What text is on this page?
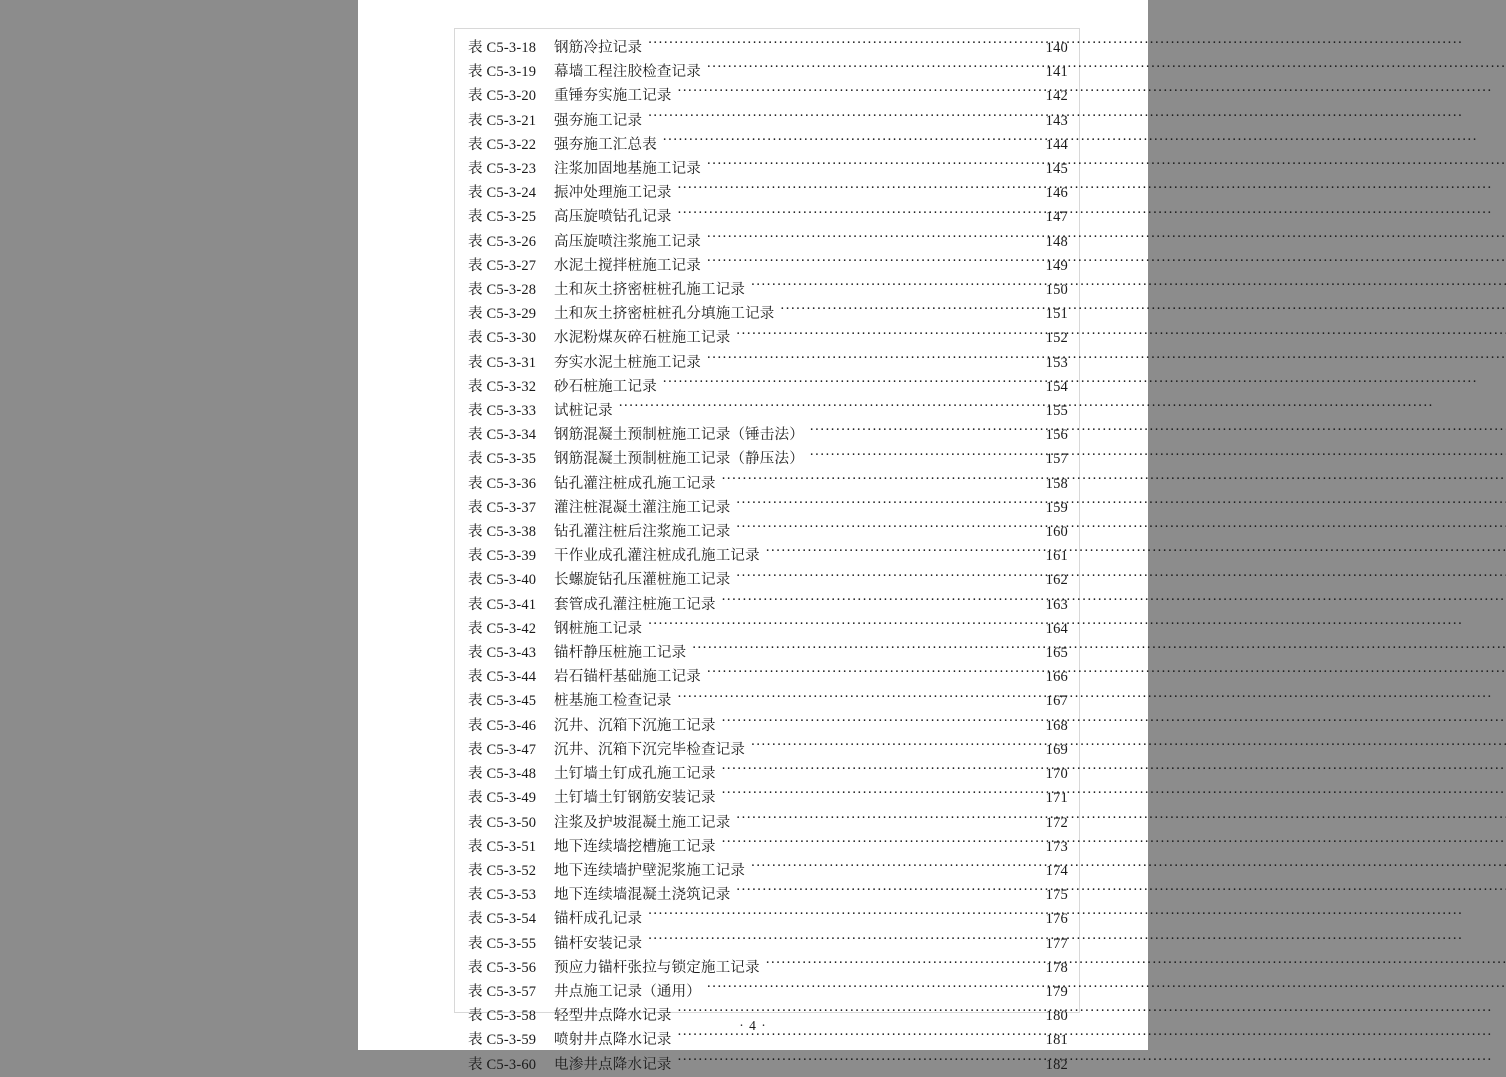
表 C5-3-18	钢筋冷拉记录 .....	140
表 C5-3-19	幕墙工程注胶检查记录 .....	141
表 C5-3-20	重锤夯实施工记录 .....	142
表 C5-3-21	强夯施工记录 .....	143
表 C5-3-22	强夯施工汇总表 .....	144
表 C5-3-23	注浆加固地基施工记录 .....	145
表 C5-3-24	振冲处理施工记录 .....	146
表 C5-3-25	高压旋喷钻孔记录 .....	147
表 C5-3-26	高压旋喷注浆施工记录 .....	148
表 C5-3-27	水泥土搅拌桩施工记录 .....	149
表 C5-3-28	土和灰土挤密桩桩孔施工记录 .....	150
表 C5-3-29	土和灰土挤密桩桩孔分填施工记录 .....	151
表 C5-3-30	水泥粉煤灰碎石桩施工记录 .....	152
表 C5-3-31	夯实水泥土桩施工记录 .....	153
表 C5-3-32	砂石桩施工记录 .....	154
表 C5-3-33	试桩记录 .....	155
表 C5-3-34	钢筋混凝土预制桩施工记录（锤击法） .....	156
表 C5-3-35	钢筋混凝土预制桩施工记录（静压法） .....	157
表 C5-3-36	钻孔灌注桩成孔施工记录 .....	158
表 C5-3-37	灌注桩混凝土灌注施工记录 .....	159
表 C5-3-38	钻孔灌注桩后注浆施工记录 .....	160
表 C5-3-39	干作业成孔灌注桩成孔施工记录 .....	161
表 C5-3-40	长螺旋钻孔压灌桩施工记录 .....	162
表 C5-3-41	套管成孔灌注桩施工记录 .....	163
表 C5-3-42	钢桩施工记录 .....	164
表 C5-3-43	锚杆静压桩施工记录 .....	165
表 C5-3-44	岩石锚杆基础施工记录 .....	166
表 C5-3-45	桩基施工检查记录 .....	167
表 C5-3-46	沉井、沉箱下沉施工记录 .....	168
表 C5-3-47	沉井、沉箱下沉完毕检查记录 .....	169
表 C5-3-48	土钉墙土钉成孔施工记录 .....	170
表 C5-3-49	土钉墙土钉钢筋安装记录 .....	171
表 C5-3-50	注浆及护坡混凝土施工记录 .....	172
表 C5-3-51	地下连续墙挖槽施工记录 .....	173
表 C5-3-52	地下连续墙护壁泥浆施工记录 .....	174
表 C5-3-53	地下连续墙混凝土浇筑记录 .....	175
表 C5-3-54	锚杆成孔记录 .....	176
表 C5-3-55	锚杆安装记录 .....	177
表 C5-3-56	预应力锚杆张拉与锁定施工记录 .....	178
表 C5-3-57	井点施工记录（通用） .....	179
表 C5-3-58	轻型井点降水记录 .....	180
表 C5-3-59	喷射井点降水记录 .....	181
表 C5-3-60	电渗井点降水记录 .....	182
· 4 ·
